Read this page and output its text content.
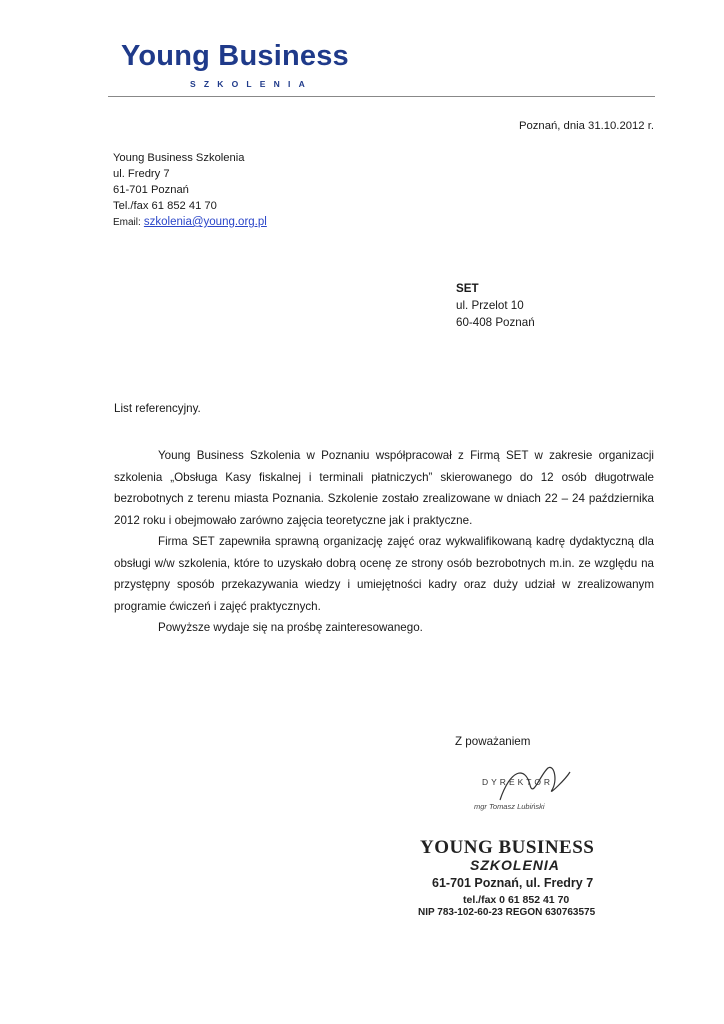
Young Business
SZKOLENIA
Poznań, dnia 31.10.2012 r.
Young Business Szkolenia
ul. Fredry 7
61-701 Poznań
Tel./fax 61 852 41 70
Email: szkolenia@young.org.pl
SET
ul. Przelot 10
60-408 Poznań
List referencyjny.

Young Business Szkolenia w Poznaniu współpracował z Firmą SET w zakresie organizacji szkolenia „Obsługa Kasy fiskalnej i terminali płatniczych” skierowanego do 12 osób długotrwale bezrobotnych z terenu miasta Poznania. Szkolenie zostało zrealizowane w dniach 22 – 24 października 2012 roku i obejmowało zarówno zajęcia teoretyczne jak i praktyczne.

Firma SET zapewniła sprawną organizację zajęć oraz wykwalifikowaną kadrę dydaktyczną dla obsługi w/w szkolenia, które to uzyskało dobrą ocenę ze strony osób bezrobotnych m.in. ze względu na przystępny sposób przekazywania wiedzy i umiejętności kadry oraz duży udział w zrealizowanym programie ćwiczeń i zajęć praktycznych.

Powyższe wydaje się na prośbę zainteresowanego.

Z poważaniem
DYREKTOR
mgr Tomasz Lubiński
YOUNG BUSINESS
SZKOLENIA
61-701 Poznań, ul. Fredry 7
tel./fax 0 61 852 41 70
NIP 783-102-60-23 REGON 630763575
